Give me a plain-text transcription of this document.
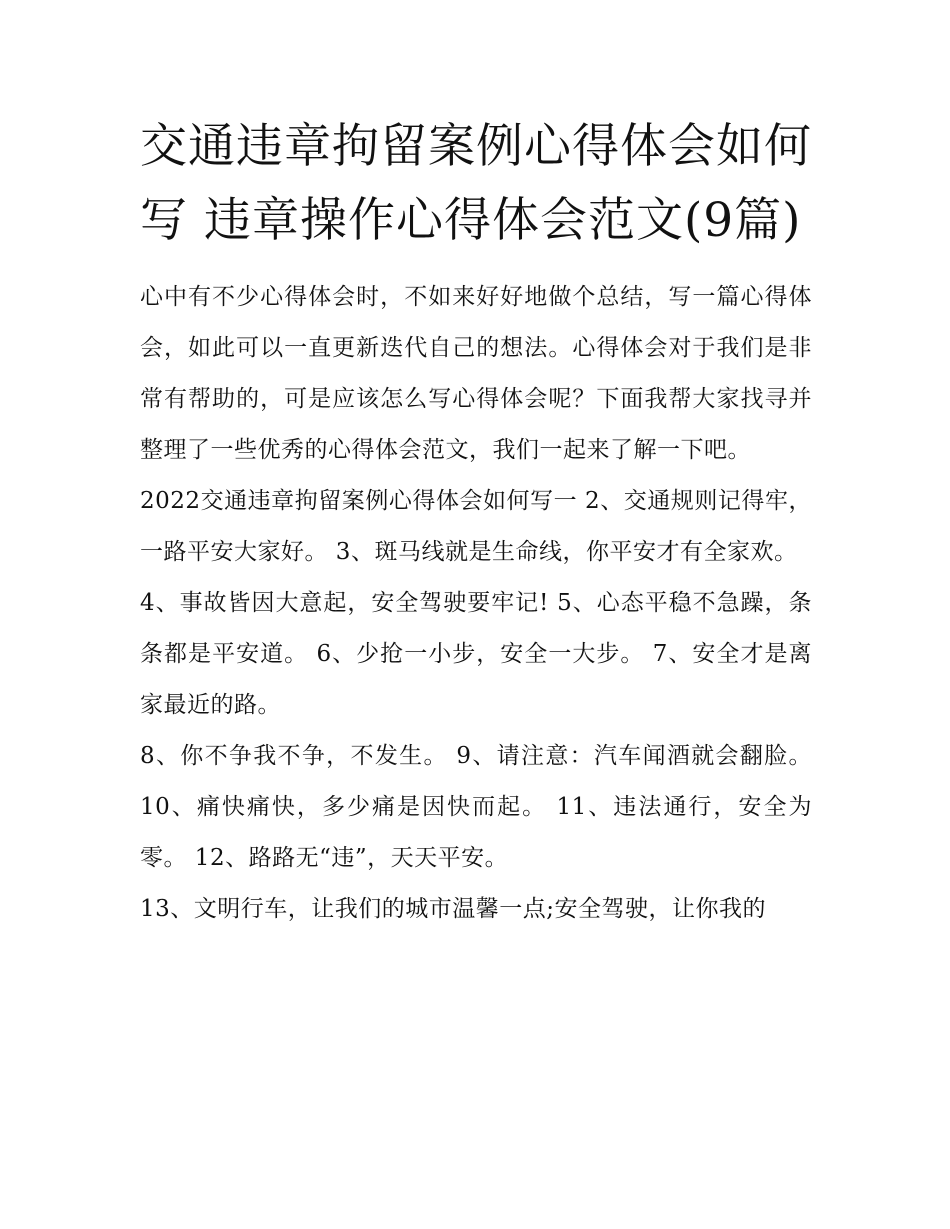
交通违章拘留案例心得体会如何写 违章操作心得体会范文(9篇)

心中有不少心得体会时，不如来好好地做个总结，写一篇心得体会，如此可以一直更新迭代自己的想法。心得体会对于我们是非常有帮助的，可是应该怎么写心得体会呢？下面我帮大家找寻并整理了一些优秀的心得体会范文，我们一起来了解一下吧。

2022交通违章拘留案例心得体会如何写一 2、交通规则记得牢，一路平安大家好。 3、斑马线就是生命线，你平安才有全家欢。

4、事故皆因大意起，安全驾驶要牢记! 5、心态平稳不急躁，条条都是平安道。 6、少抢一小步，安全一大步。 7、安全才是离家最近的路。

8、你不争我不争，不发生。 9、请注意：汽车闻酒就会翻脸。 10、痛快痛快，多少痛是因快而起。 11、违法通行，安全为零。 12、路路无“违”，天天平安。

13、文明行车，让我们的城市温馨一点;安全驾驶，让你我的
